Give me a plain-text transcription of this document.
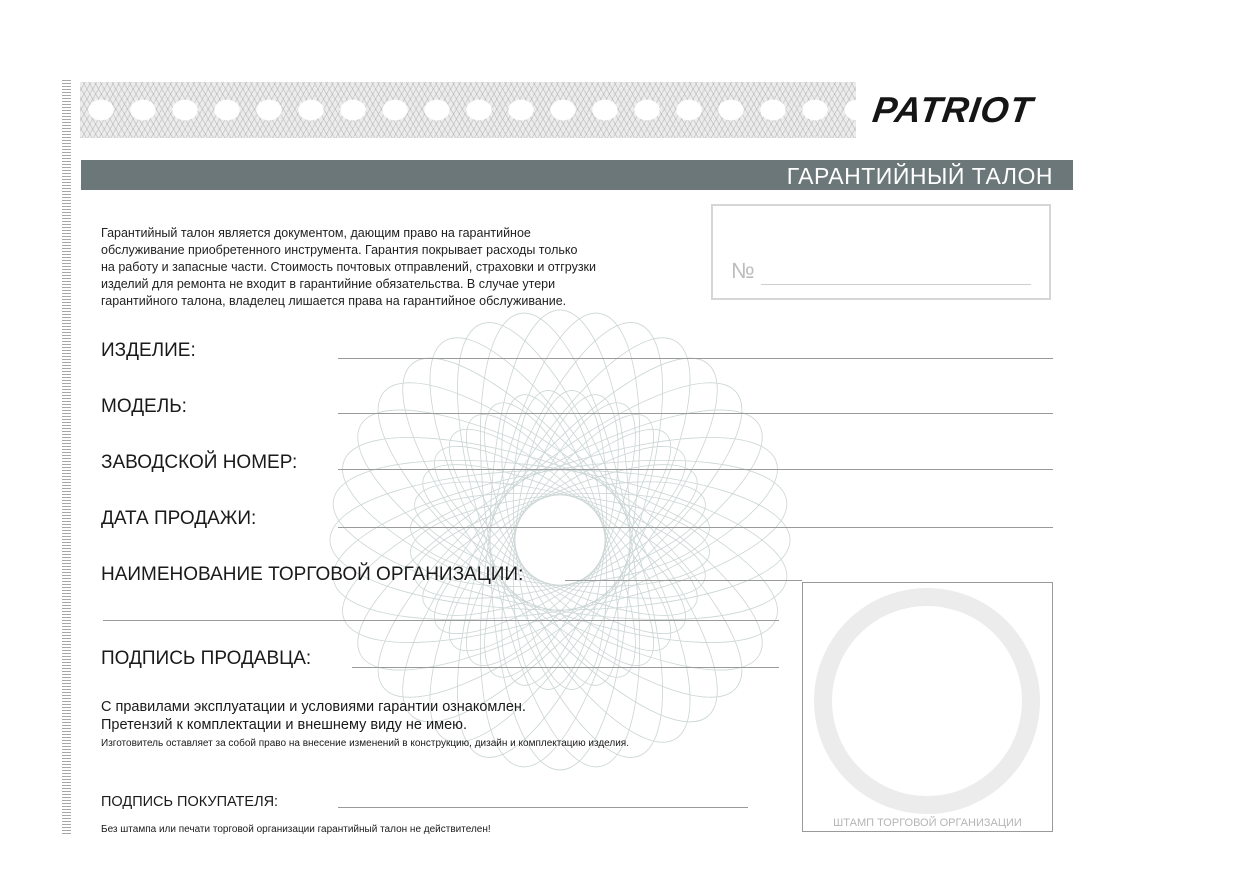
PATRIOT
ГАРАНТИЙНЫЙ ТАЛОН
Гарантийный талон является документом, дающим право на гарантийное
обслуживание приобретенного инструмента. Гарантия покрывает расходы только
на работу и запасные части. Стоимость почтовых отправлений, страховки и отгрузки
изделий для ремонта не входит в гарантийние обязательства. В случае утери
гарантийного талона, владелец лишается права на гарантийное обслуживание.
№
ИЗДЕЛИЕ:
МОДЕЛЬ:
ЗАВОДСКОЙ НОМЕР:
ДАТА ПРОДАЖИ:
НАИМЕНОВАНИЕ ТОРГОВОЙ ОРГАНИЗАЦИИ:
ПОДПИСЬ ПРОДАВЦА:
С правилами эксплуатации и условиями гарантии ознакомлен.
Претензий к комплектации и внешнему виду не имею.
Изготовитель оставляет за собой право на внесение изменений в конструкцию, дизайн и комплектацию изделия.
ПОДПИСЬ ПОКУПАТЕЛЯ:
Без штампа или печати торговой организации гарантийный талон не действителен!
ШТАМП ТОРГОВОЙ ОРГАНИЗАЦИИ
